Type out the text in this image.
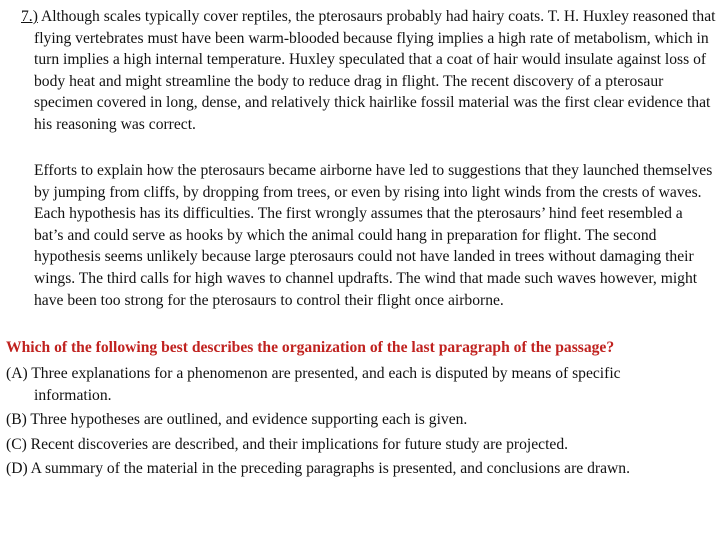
7.) Although scales typically cover reptiles, the pterosaurs probably had hairy coats. T. H. Huxley reasoned that flying vertebrates must have been warm-blooded because flying implies a high rate of metabolism, which in turn implies a high internal temperature. Huxley speculated that a coat of hair would insulate against loss of body heat and might streamline the body to reduce drag in flight. The recent discovery of a pterosaur specimen covered in long, dense, and relatively thick hairlike fossil material was the first clear evidence that his reasoning was correct.

Efforts to explain how the pterosaurs became airborne have led to suggestions that they launched themselves by jumping from cliffs, by dropping from trees, or even by rising into light winds from the crests of waves. Each hypothesis has its difficulties. The first wrongly assumes that the pterosaurs’ hind feet resembled a bat’s and could serve as hooks by which the animal could hang in preparation for flight. The second hypothesis seems unlikely because large pterosaurs could not have landed in trees without damaging their wings. The third calls for high waves to channel updrafts. The wind that made such waves however, might have been too strong for the pterosaurs to control their flight once airborne.

Which of the following best describes the organization of the last paragraph of the passage?

(A) Three explanations for a phenomenon are presented, and each is disputed by means of specific information.
(B) Three hypotheses are outlined, and evidence supporting each is given.
(C) Recent discoveries are described, and their implications for future study are projected.
(D) A summary of the material in the preceding paragraphs is presented, and conclusions are drawn.
